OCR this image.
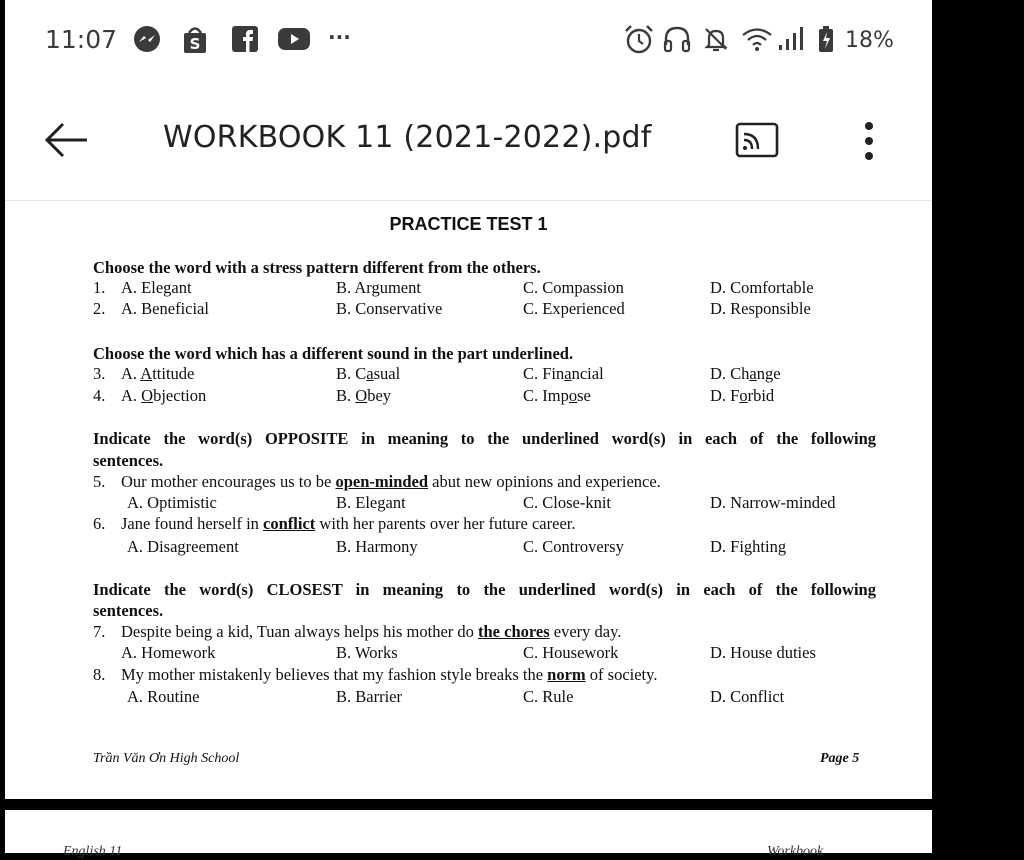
11:07	S	···	18%
WORKBOOK 11 (2021-2022).pdf
PRACTICE TEST 1
Choose the word with a stress pattern different from the others.
1. A. Elegant	B. Argument	C. Compassion	D. Comfortable
2. A. Beneficial	B. Conservative	C. Experienced	D. Responsible
Choose the word which has a different sound in the part underlined.
3. A. Attitude	B. Casual	C. Financial	D. Change
4. A. Objection	B. Obey	C. Impose	D. Forbid
Indicate the word(s) OPPOSITE in meaning to the underlined word(s) in each of the following
sentences.
5. Our mother encourages us to be open-minded abut new opinions and experience.
A. Optimistic	B. Elegant	C. Close-knit	D. Narrow-minded
6. Jane found herself in conflict with her parents over her future career.
A. Disagreement	B. Harmony	C. Controversy	D. Fighting
Indicate the word(s) CLOSEST in meaning to the underlined word(s) in each of the following
sentences.
7. Despite being a kid, Tuan always helps his mother do the chores every day.
A. Homework	B. Works	C. Housework	D. House duties
8. My mother mistakenly believes that my fashion style breaks the norm of society.
A. Routine	B. Barrier	C. Rule	D. Conflict
Trần Văn Ơn High School	Page 5
English 11	Workbook
